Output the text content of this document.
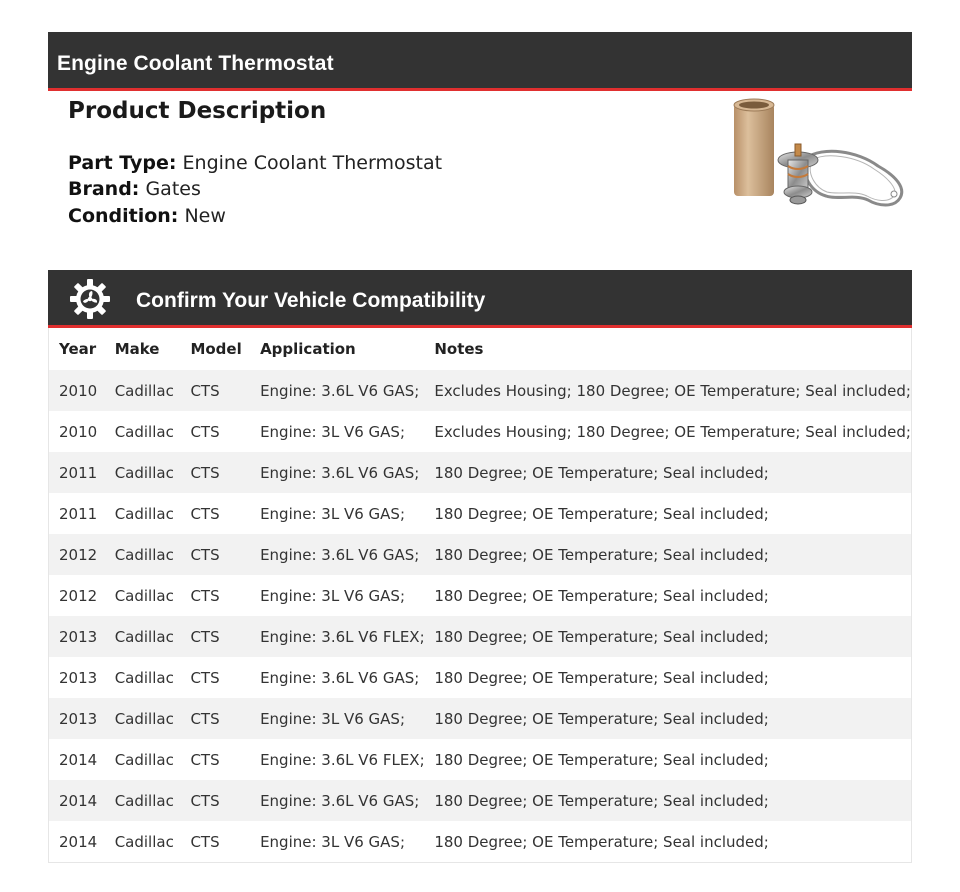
Engine Coolant Thermostat
Product Description
Part Type: Engine Coolant Thermostat
Brand: Gates
Condition: New
Confirm Your Vehicle Compatibility
Year	Make	Model	Application	Notes
2010	Cadillac	CTS	Engine: 3.6L V6 GAS;	Excludes Housing; 180 Degree; OE Temperature; Seal included;
2010	Cadillac	CTS	Engine: 3L V6 GAS;	Excludes Housing; 180 Degree; OE Temperature; Seal included;
2011	Cadillac	CTS	Engine: 3.6L V6 GAS;	180 Degree; OE Temperature; Seal included;
2011	Cadillac	CTS	Engine: 3L V6 GAS;	180 Degree; OE Temperature; Seal included;
2012	Cadillac	CTS	Engine: 3.6L V6 GAS;	180 Degree; OE Temperature; Seal included;
2012	Cadillac	CTS	Engine: 3L V6 GAS;	180 Degree; OE Temperature; Seal included;
2013	Cadillac	CTS	Engine: 3.6L V6 FLEX;	180 Degree; OE Temperature; Seal included;
2013	Cadillac	CTS	Engine: 3.6L V6 GAS;	180 Degree; OE Temperature; Seal included;
2013	Cadillac	CTS	Engine: 3L V6 GAS;	180 Degree; OE Temperature; Seal included;
2014	Cadillac	CTS	Engine: 3.6L V6 FLEX;	180 Degree; OE Temperature; Seal included;
2014	Cadillac	CTS	Engine: 3.6L V6 GAS;	180 Degree; OE Temperature; Seal included;
2014	Cadillac	CTS	Engine: 3L V6 GAS;	180 Degree; OE Temperature; Seal included;
